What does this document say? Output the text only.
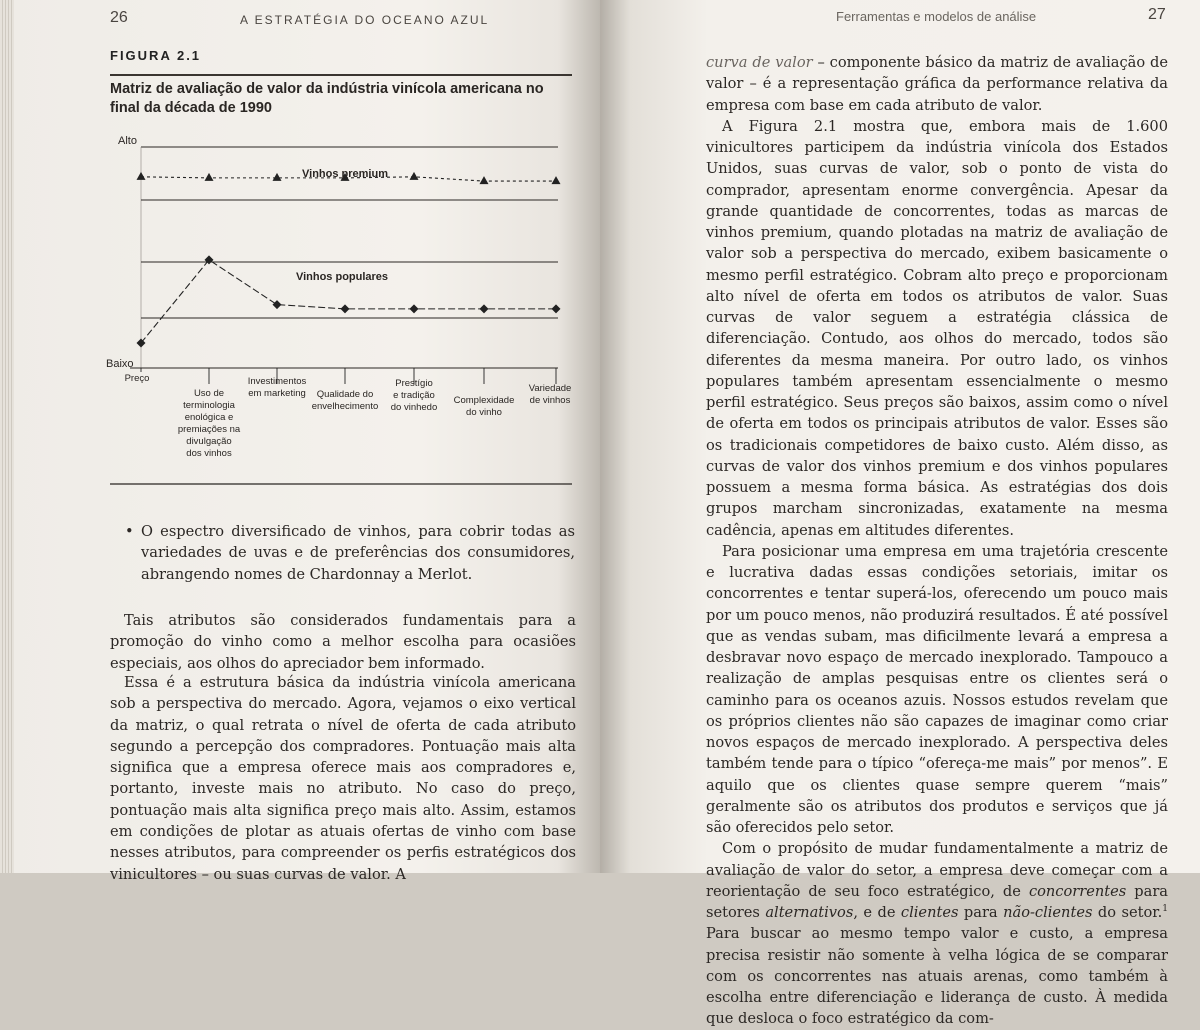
26	A ESTRATÉGIA DO OCEANO AZUL
FIGURA 2.1
Matriz de avaliação de valor da indústria vinícola americana no final da década de 1990
Alto
Baixo
Preço
Uso de terminologia enológica e premiações na divulgação dos vinhos
Investimentos em marketing	Qualidade do envelhecimento
Prestígio e tradição do vinhedo
Complexidade do vinho
Variedade de vinhos
Vinhos premium
Vinhos populares
• O espectro diversificado de vinhos, para cobrir todas as variedades de uvas e de preferências dos consumidores, abrangendo nomes de Chardonnay a Merlot.

Tais atributos são considerados fundamentais para a promoção do vinho como a melhor escolha para ocasiões especiais, aos olhos do apreciador bem informado.

Essa é a estrutura básica da indústria vinícola americana sob a perspectiva do mercado. Agora, vejamos o eixo vertical da matriz, o qual retrata o nível de oferta de cada atributo segundo a percepção dos compradores. Pontuação mais alta significa que a empresa oferece mais aos compradores e, portanto, investe mais no atributo. No caso do preço, pontuação mais alta significa preço mais alto. Assim, estamos em condições de plotar as atuais ofertas de vinho com base nesses atributos, para compreender os perfis estratégicos dos vinicultores – ou suas curvas de valor. A

Ferramentas e modelos de análise	27

curva de valor – componente básico da matriz de avaliação de valor – é a representação gráfica da performance relativa da empresa com base em cada atributo de valor.

A Figura 2.1 mostra que, embora mais de 1.600 vinicultores participem da indústria vinícola dos Estados Unidos, suas curvas de valor, sob o ponto de vista do comprador, apresentam enorme convergência. Apesar da grande quantidade de concorrentes, todas as marcas de vinhos premium, quando plotadas na matriz de avaliação de valor sob a perspectiva do mercado, exibem basicamente o mesmo perfil estratégico. Cobram alto preço e proporcionam alto nível de oferta em todos os atributos de valor. Suas curvas de valor seguem a estratégia clássica de diferenciação. Contudo, aos olhos do mercado, todos são diferentes da mesma maneira. Por outro lado, os vinhos populares também apresentam essencialmente o mesmo perfil estratégico. Seus preços são baixos, assim como o nível de oferta em todos os principais atributos de valor. Esses são os tradicionais competidores de baixo custo. Além disso, as curvas de valor dos vinhos premium e dos vinhos populares possuem a mesma forma básica. As estratégias dos dois grupos marcham sincronizadas, exatamente na mesma cadência, apenas em altitudes diferentes.

Para posicionar uma empresa em uma trajetória crescente e lucrativa dadas essas condições setoriais, imitar os concorrentes e tentar superá-los, oferecendo um pouco mais por um pouco menos, não produzirá resultados. É até possível que as vendas subam, mas dificilmente levará a empresa a desbravar novo espaço de mercado inexplorado. Tampouco a realização de amplas pesquisas entre os clientes será o caminho para os oceanos azuis. Nossos estudos revelam que os próprios clientes não são capazes de imaginar como criar novos espaços de mercado inexplorado. A perspectiva deles também tende para o típico “ofereça-me mais” por menos”. E aquilo que os clientes quase sempre querem “mais” geralmente são os atributos dos produtos e serviços que já são oferecidos pelo setor.

Com o propósito de mudar fundamentalmente a matriz de avaliação de valor do setor, a empresa deve começar com a reorientação de seu foco estratégico, de concorrentes para setores alternativos, e de clientes para não-clientes do setor.$^1$ Para buscar ao mesmo tempo valor e custo, a empresa precisa resistir não somente à velha lógica de se comparar com os concorrentes nas atuais arenas, como também à escolha entre diferenciação e liderança de custo. À medida que desloca o foco estratégico da com-
